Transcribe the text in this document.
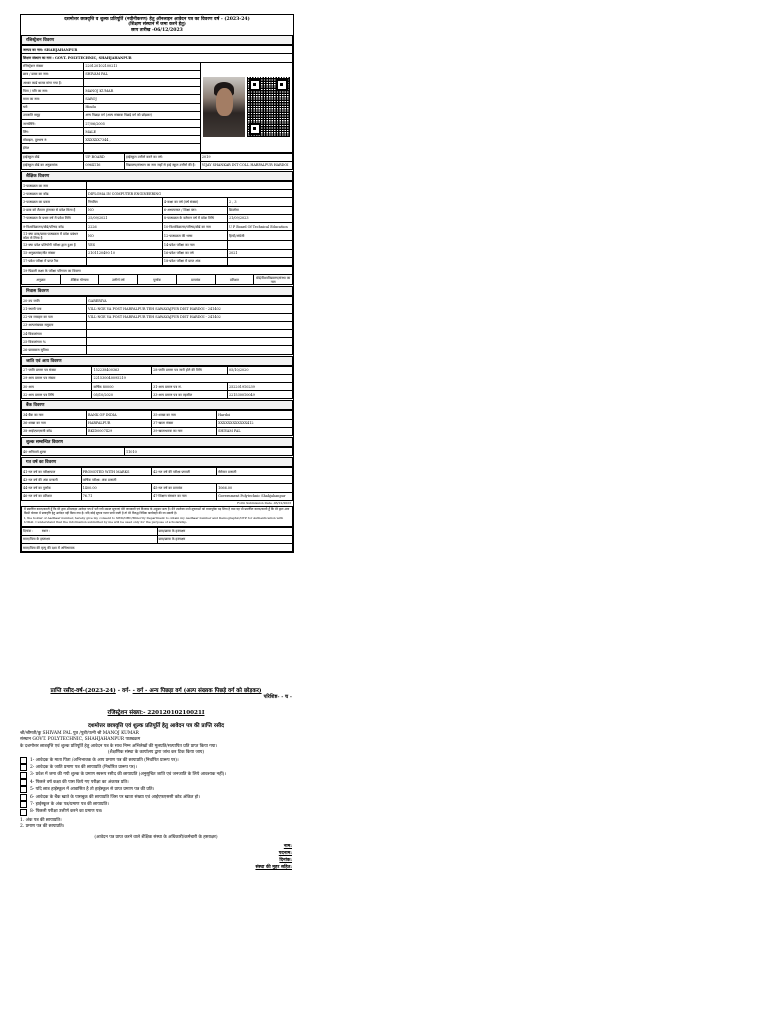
दशमोत्तर छात्रवृत्ति व शुल्क प्रतिपूर्ति (नवीनीकरण) हेतु ऑनलाइन आवेदन पत्र का विवरण वर्ष - (2023-24)
(शिक्षण संस्थान में जमा करने हेतु)
छाप तारीख -06/12/2023
रजिस्ट्रेशन विवरण
जनपद का नाम: SHAHJAHANPUR		
शिक्षण संस्थान का नाम : GOVT. POLYTECHNIC, SHAHJAHANPUR		
रजिस्ट्रेशन संख्या	22012010210021I	

छात्र / छात्रा का नाम:	SHIVAM PAL	
आधार कार्ड धारक मांगा गया है:		
पिता / पति का नाम:	MANOJ KUMAR	
माता का नाम:	SAROJ	
धर्म:	Hindu	
उपजाति समूह	अन्य पिछड़ा वर्ग (अल्प संख्यक पिछड़े वर्ग को छोड़कर)	
जन्मतिथि:	27/06/2005	
लिंग:	MALE	
मोबाइल, दूरभाष नं:	XXXXXX7344 ,	
ईमेल		
हाईस्कूल बोर्ड	UP BOARD	हाईस्कूल उत्तीर्ण करने का वर्ष:	2019
हाईस्कूल बोर्ड का अनुक्रमांक	0964116	विद्यालय/संस्थान का नाम जहाँ से हाई स्कूल उत्तीर्ण की है:	VIJAY SHANKAR INT COLL HARPALPUR HARDOI
शैक्षिक विवरण
1-पाठ्यक्रम का नाम			
2-पाठ्यक्रम का कोड	DIPLOMA IN COMPUTER ENGINEERING		
3-पाठ्यक्रम का प्रकार	नियमित	4-कक्षा का वर्ष (वर्ष संख्या)	2 , 3
5-छात्र को लैटरल ट्रांसफर से प्रवेश मिला है	NO	6-अध्ययनरत / शिक्षा स्तर:	डिप्लोमा
7-पाठ्यक्रम के प्रथम वर्ष में प्रवेश तिथि	25/09/2021	8-पाठ्यक्रम के वर्तमान वर्ष में प्रवेश तिथि	21/09/2023
9-विश्वविद्यालय/बोर्ड/परिषद कोड	2226	10-विश्वविद्यालय/परिषद/बोर्ड का नाम	U P Board Of Technical Education
11-क्या छात्र/छात्रा पाठ्यक्रम में प्रवेश प्रबंधन कोटा से लिया है	NO	12-पाठ्यक्रम की भाषा	हिन्दी/अंग्रेजी
13-क्या प्रवेश प्रतियोगी परीक्षा द्वारा हुआ है	YES	14-प्रवेश परीक्षा का नाम	
15-अनुक्रमांक/सीट संख्या	2101120490 10	16-प्रवेश परीक्षा का वर्ष	2021
17-प्रवेश परीक्षा में प्राप्त रैंक		18-प्रवेश परीक्षा में प्राप्त अंक	
19-पिछली कक्षा के परीक्षा परिणाम का विवरण
अनुक्रम	शैक्षिक योग्यता	उत्तीर्ण वर्ष	पूर्णांक	प्राप्तांक	प्रतिशत	बोर्ड/विश्वविद्यालय/संस्था का नाम
निवास विवरण
20-उप जाति	GARERIYA
21-स्थायी पता	VILL-NGE VA POST HARPALPUR TEH SAWAYAJPUR DIST HARDOI - 241402
22-पत्र व्यवहार का पता	VILL-NGE VA POST HARPALPUR TEH SAWAYAJPUR DIST HARDOI - 241402
23-अल्पसंख्यक समुदाय	
24-विकलांगता	
25-विकलांगता %	
26-छात्रावास सुविधा	
जाति एवं आय विवरण
27-जाति प्रमाण पत्र संख्या	152238400363	28-जाति प्रमाण पत्र जारी होने की तिथि	05/10/2020
29-आय प्रमाण पत्र संख्या	221530040095219		
30-आय	वार्षिक 80000	31-आय प्रमाण पत्र सं.	252201910239
32-आय प्रमाण पत्र तिथि	05/10/2020	33-आय प्रमाण पत्र का तहसील	221530010049
बैंक विवरण
34-बैंक का नाम	BANK OF INDIA	35-शाखा का नाम	Hardoi
36-शाखा का नाम	HARPALPUR	37-खाता संख्या	XXXXXXXXXXXX412
38-आईएफएससी कोड	BKID0007429	39-खाताधारक का नाम	SHIVAM PAL
शुल्क सम्बन्धित विवरण
40-अनिवार्य शुल्क	11010
गत वर्ष का विवरण
41-गत वर्ष का परीक्षाफल	PROMOTED WITH MARKS	42-गत वर्ष की परीक्षा प्रणाली	सेमेस्टर प्रणाली
43-गत वर्ष की अंक प्रणाली	वार्षिक परीक्षा: अंक प्रणाली		
44-गत वर्ष का पूर्णांक	1400.00	45-गत वर्ष का प्राप्तांक	1066.00
46-गत वर्ष का प्रतिशत	76.71	47-शिक्षण संस्थान का नाम	Government Polytechnic Shahjahanpur
Form Submission Date -03/12/2023
मैं प्रमाणित करता/करती हूँ कि मेरे द्वारा ऑनलाइन आवेदन पत्र में भरी गयी समस्त सूचनाएं मेरी जानकारी एवं विश्वास के अनुसार सत्य हैं। मैंने उपरोक्त सभी सूचनाओं को ध्यानपूर्वक पढ़ लिया है तथा यह भी प्रमाणित करता/करती हूँ कि मेरे द्वारा अन्य किसी योजना में छात्रवृत्ति हेतु आवेदन नहीं किया गया है। यदि कोई सूचना गलत पायी जाती है तो मेरे विरुद्ध विधिक कार्यवाही की जा सकती है।
I, the holder of Aadhaar number, hereby give my consent to SWD/OBC/Minority Department to obtain my Aadhaar number and Demographic/OTP for Authentication with UIDAI. I understand that the information submitted by me will be used only for the purpose of scholarship.
दिनांक : स्थान :	छात्र/छात्रा के हस्ताक्षर
माता/पिता के हस्ताक्षर	छात्र/छात्रा के हस्ताक्षर
माता/पिता की मृत्यु की दशा में अभिभावक	
प्राप्ति रसीद-वर्ष-(2023-24) - वर्ग- - वर्ग - अन्य पिछड़ा वर्ग (अल्प संख्यक पिछड़े वर्ग को छोड़कर)
परिशिष्ट- - च -
रजिस्ट्रेशन संख्या:- 22012010210021I
दशमोत्तर छात्रवृत्ति एवं शुल्क प्रतिपूर्ति हेतु आवेदन पत्र की प्राप्ति रसीद
श्री/श्रीमती/कु SHIVAM PAL पुत्र /पुत्री/पत्नी श्री MANOJ KUMAR
संस्थान GOVT. POLYTECHNIC, SHAHJAHANPUR पाठ्यक्रम
के दशमोत्तर छात्रवृत्ति एवं शुल्क प्रतिपूर्ति हेतु आवेदन पत्र के साथ निम्न अभिलेखों की मूलप्रति/सत्यापित प्रति प्राप्त किया गया।
(शैक्षणिक संस्था के कार्यालय द्वारा जांच कर टिक किया जाय)
1- आवेदक के माता पिता /अभिभावक के आय प्रमाण पत्र की छायाप्रति (निर्धारित प्रारूप पर)।
2- आवेदक के जाति प्रमाण पत्र की छायाप्रति (निर्धारित प्रारूप पर)।
3- प्रवेश में जमा की गयी शुल्क के प्रमाण स्वरूप रसीद की छायाप्रति (अनुसूचित जाति एवं जनजाति के लिये आवश्यक नहीं)।
4- पिछले वर्ष कक्षा की पास किये गए परीक्षा का अंकपत्र प्रति।
5- यदि छात्र हाईस्कूल में आवासित है तो हाईस्कूल से प्राप्त प्रमाण पत्र की प्रति।
6- आवेदक के बैंक खाते के पासबुक की छायाप्रति जिस पर खाता संख्या एवं आईएफएससी कोड अंकित हो।
7- हाईस्कूल के अंक पत्र/प्रमाण पत्र की छायाप्रति।
8- पिछली परीक्षा उत्तीर्ण करने का प्रमाण पत्र।
1. अंक पत्र की छायाप्रति।
2. प्रमाण पत्र की छायाप्रति।
(आवेदन पत्र प्राप्त करने वाले शैक्षिक संस्था के अधिकारी/कर्मचारी के हस्ताक्षर)
नाम:
पदनाम:
दिनांक:
संस्था की मुहर सहित:
